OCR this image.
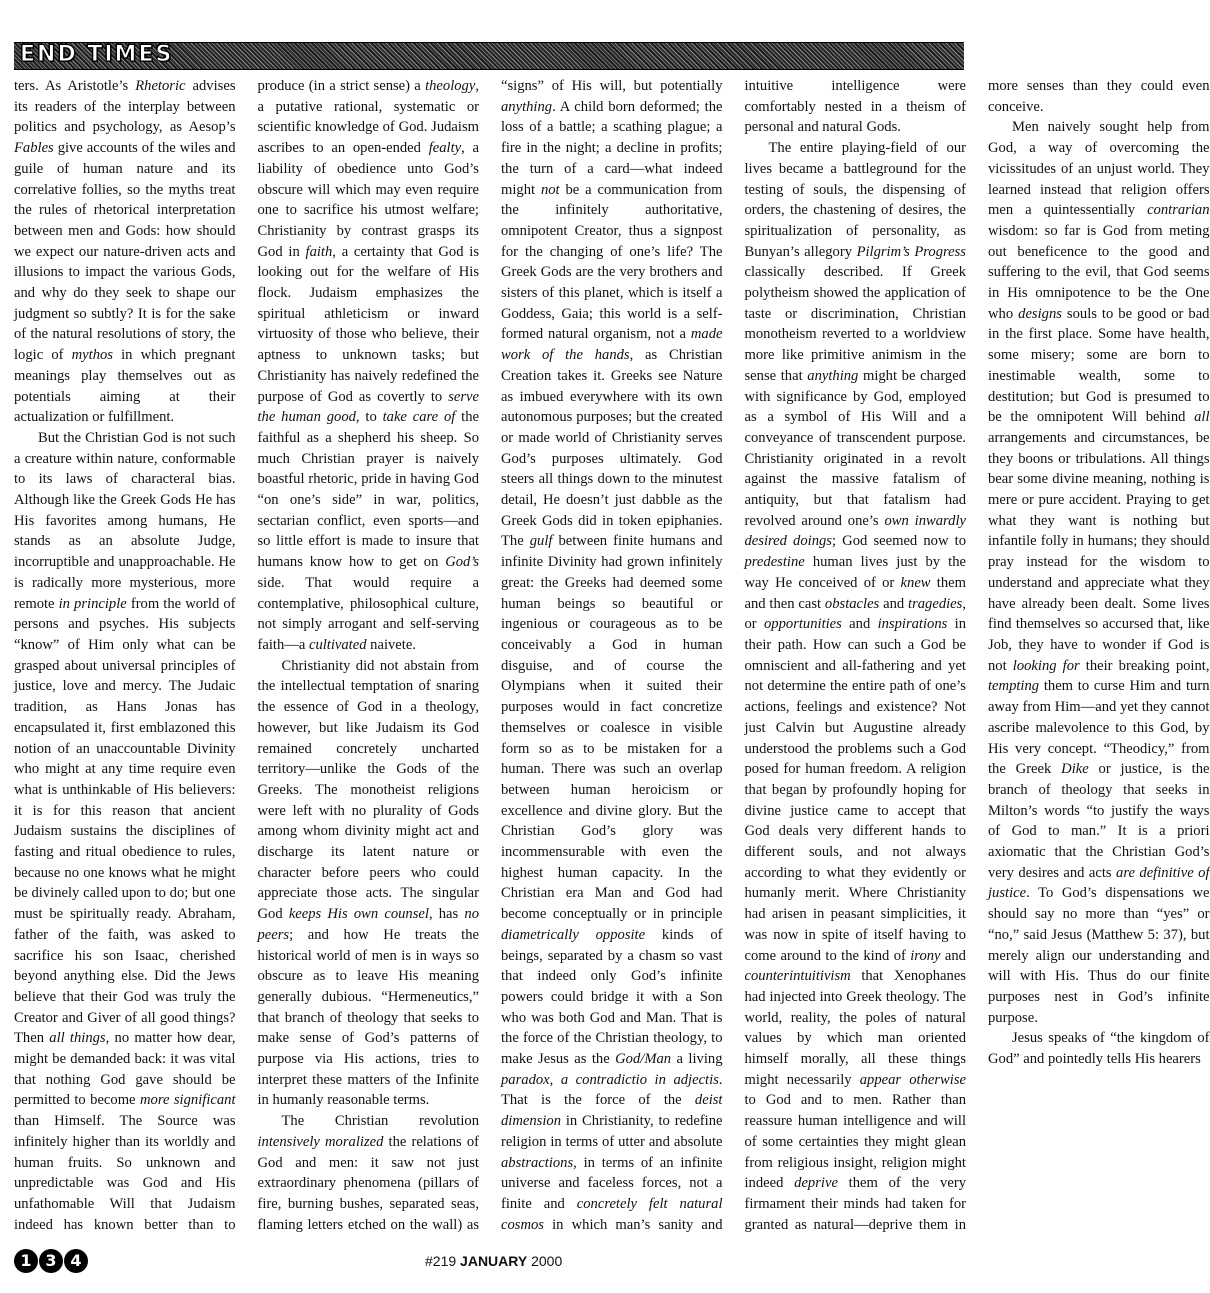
END TIMES

ters. As Aristotle’s Rhetoric advises its readers of the interplay between politics and psychology, as Aesop’s Fables give accounts of the wiles and guile of human nature and its correlative follies, so the myths treat the rules of rhetorical interpretation between men and Gods: how should we expect our nature-driven acts and illusions to impact the various Gods, and why do they seek to shape our judgment so subtly? It is for the sake of the natural resolutions of story, the logic of mythos in which pregnant meanings play themselves out as potentials aiming at their actualization or fulfillment.

But the Christian God is not such a creature within nature, conformable to its laws of characteral bias. Although like the Greek Gods He has His favorites among humans, He stands as an absolute Judge, incorruptible and unapproachable. He is radically more mysterious, more remote in principle from the world of persons and psyches. His subjects “know” of Him only what can be grasped about universal principles of justice, love and mercy. The Judaic tradition, as Hans Jonas has encapsulated it, first emblazoned this notion of an unaccountable Divinity who might at any time require even what is unthinkable of His believers: it is for this reason that ancient Judaism sustains the disciplines of fasting and ritual obedience to rules, because no one knows what he might be divinely called upon to do; but one must be spiritually ready. Abraham, father of the faith, was asked to sacrifice his son Isaac, cherished beyond anything else. Did the Jews believe that their God was truly the Creator and Giver of all good things? Then all things, no matter how dear, might be demanded back: it was vital that nothing God gave should be permitted to become more significant than Himself. The Source was infinitely higher than its worldly and human fruits. So unknown and unpredictable was God and His unfathomable Will that Judaism indeed has known better than to produce (in a strict sense) a theology, a putative rational, systematic or scientific knowledge of God. Judaism ascribes to an open-ended fealty, a liability of obedience unto God’s obscure will which may even require one to sacrifice his utmost welfare; Christianity by contrast grasps its God in faith, a certainty that God is looking out for the welfare of His flock. Judaism emphasizes the spiritual athleticism or inward virtuosity of those who believe, their aptness to unknown tasks; but Christianity has naively redefined the purpose of God as covertly to serve the human good, to take care of the faithful as a shepherd his sheep. So much Christian prayer is naively boastful rhetoric, pride in having God “on one’s side” in war, politics, sectarian conflict, even sports—and so little effort is made to insure that humans know how to get on God’s side. That would require a contemplative, philosophical culture, not simply arrogant and self-serving faith—a cultivated naivete.

Christianity did not abstain from the intellectual temptation of snaring the essence of God in a theology, however, but like Judaism its God remained concretely uncharted territory—unlike the Gods of the Greeks. The monotheist religions were left with no plurality of Gods among whom divinity might act and discharge its latent nature or character before peers who could appreciate those acts. The singular God keeps His own counsel, has no peers; and how He treats the historical world of men is in ways so obscure as to leave His meaning generally dubious. “Hermeneutics,” that branch of theology that seeks to make sense of God’s patterns of purpose via His actions, tries to interpret these matters of the Infinite in humanly reasonable terms.

The Christian revolution intensively moralized the relations of God and men: it saw not just extraordinary phenomena (pillars of fire, burning bushes, separated seas, flaming letters etched on the wall) as “signs” of His will, but potentially anything. A child born deformed; the loss of a battle; a scathing plague; a fire in the night; a decline in profits; the turn of a card—what indeed might not be a communication from the infinitely authoritative, omnipotent Creator, thus a signpost for the changing of one’s life? The Greek Gods are the very brothers and sisters of this planet, which is itself a Goddess, Gaia; this world is a self-formed natural organism, not a made work of the hands, as Christian Creation takes it. Greeks see Nature as imbued everywhere with its own autonomous purposes; but the created or made world of Christianity serves God’s purposes ultimately. God steers all things down to the minutest detail, He doesn’t just dabble as the Greek Gods did in token epiphanies. The gulf between finite humans and infinite Divinity had grown infinitely great: the Greeks had deemed some human beings so beautiful or ingenious or courageous as to be conceivably a God in human disguise, and of course the Olympians when it suited their purposes would in fact concretize themselves or coalesce in visible form so as to be mistaken for a human. There was such an overlap between human heroicism or excellence and divine glory. But the Christian God’s glory was incommensurable with even the highest human capacity. In the Christian era Man and God had become conceptually or in principle diametrically opposite kinds of beings, separated by a chasm so vast that indeed only God’s infinite powers could bridge it with a Son who was both God and Man. That is the force of the Christian theology, to make Jesus as the God/Man a living paradox, a contradictio in adjectis. That is the force of the deist dimension in Christianity, to redefine religion in terms of utter and absolute abstractions, in terms of an infinite universe and faceless forces, not a finite and concretely felt natural cosmos in which man’s sanity and intuitive intelligence were comfortably nested in a theism of personal and natural Gods.

The entire playing-field of our lives became a battleground for the testing of souls, the dispensing of orders, the chastening of desires, the spiritualization of personality, as Bunyan’s allegory Pilgrim’s Progress classically described. If Greek polytheism showed the application of taste or discrimination, Christian monotheism reverted to a worldview more like primitive animism in the sense that anything might be charged with significance by God, employed as a symbol of His Will and a conveyance of transcendent purpose. Christianity originated in a revolt against the massive fatalism of antiquity, but that fatalism had revolved around one’s own inwardly desired doings; God seemed now to predestine human lives just by the way He conceived of or knew them and then cast obstacles and tragedies, or opportunities and inspirations in their path. How can such a God be omniscient and all-fathering and yet not determine the entire path of one’s actions, feelings and existence? Not just Calvin but Augustine already understood the problems such a God posed for human freedom. A religion that began by profoundly hoping for divine justice came to accept that God deals very different hands to different souls, and not always according to what they evidently or humanly merit. Where Christianity had arisen in peasant simplicities, it was now in spite of itself having to come around to the kind of irony and counterintuitivism that Xenophanes had injected into Greek theology. The world, reality, the poles of natural values by which man oriented himself morally, all these things might necessarily appear otherwise to God and to men. Rather than reassure human intelligence and will of some certainties they might glean from religious insight, religion might indeed deprive them of the very firmament their minds had taken for granted as natural—deprive them in more senses than they could even conceive.

Men naively sought help from God, a way of overcoming the vicissitudes of an unjust world. They learned instead that religion offers men a quintessentially contrarian wisdom: so far is God from meting out beneficence to the good and suffering to the evil, that God seems in His omnipotence to be the One who designs souls to be good or bad in the first place. Some have health, some misery; some are born to inestimable wealth, some to destitution; but God is presumed to be the omnipotent Will behind all arrangements and circumstances, be they boons or tribulations. All things bear some divine meaning, nothing is mere or pure accident. Praying to get what they want is nothing but infantile folly in humans; they should pray instead for the wisdom to understand and appreciate what they have already been dealt. Some lives find themselves so accursed that, like Job, they have to wonder if God is not looking for their breaking point, tempting them to curse Him and turn away from Him—and yet they cannot ascribe malevolence to this God, by His very concept. “Theodicy,” from the Greek Dike or justice, is the branch of theology that seeks in Milton’s words “to justify the ways of God to man.” It is a priori axiomatic that the Christian God’s very desires and acts are definitive of justice. To God’s dispensations we should say no more than “yes” or “no,” said Jesus (Matthew 5: 37), but merely align our understanding and will with His. Thus do our finite purposes nest in God’s infinite purpose.

Jesus speaks of “the kingdom of God” and pointedly tells His hearers

1 3 4	#219 JANUARY 2000
